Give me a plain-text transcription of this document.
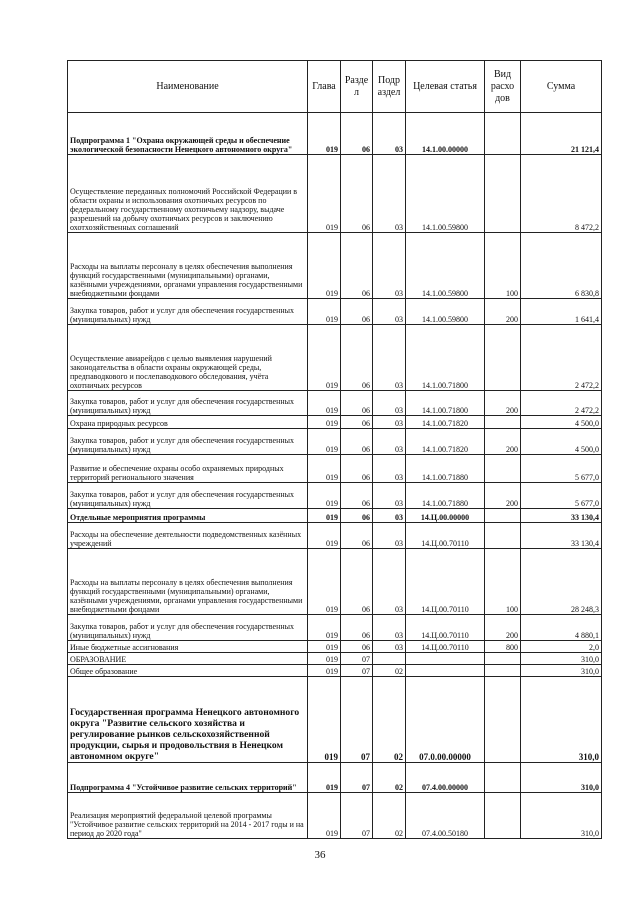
Наименование	Глава	Разде л	Подр аздел	Целевая статья	Вид расхо дов	Сумма
Подпрограмма 1 "Охрана окружающей среды и обеспечение экологической безопасности Ненецкого автономного округа"	019	06	03	14.1.00.00000		21 121,4
Осуществление переданных полномочий Российской Федерации в области охраны и использования охотничьих ресурсов по федеральному государственному охотничьему надзору, выдаче разрешений на добычу охотничьих ресурсов и заключению охотхозяйственных соглашений	019	06	03	14.1.00.59800		8 472,2
Расходы на выплаты персоналу в целях обеспечения выполнения функций государственными (муниципальными) органами, казёнными учреждениями, органами управления государственными внебюджетными фондами	019	06	03	14.1.00.59800	100	6 830,8
Закупка товаров, работ и услуг для обеспечения государственных (муниципальных) нужд	019	06	03	14.1.00.59800	200	1 641,4
Осуществление авиарейдов с целью выявления нарушений законодательства в области охраны окружающей среды, предпаводкового и послепаводкового обследования, учёта охотничьих ресурсов	019	06	03	14.1.00.71800		2 472,2
Закупка товаров, работ и услуг для обеспечения государственных (муниципальных) нужд	019	06	03	14.1.00.71800	200	2 472,2
Охрана природных ресурсов	019	06	03	14.1.00.71820		4 500,0
Закупка товаров, работ и услуг для обеспечения государственных (муниципальных) нужд	019	06	03	14.1.00.71820	200	4 500,0
Развитие и обеспечение охраны особо охраняемых природных территорий регионального значения	019	06	03	14.1.00.71880		5 677,0
Закупка товаров, работ и услуг для обеспечения государственных (муниципальных) нужд	019	06	03	14.1.00.71880	200	5 677,0
Отдельные мероприятия программы	019	06	03	14.Ц.00.00000		33 130,4
Расходы на обеспечение деятельности подведомственных казённых учреждений	019	06	03	14.Ц.00.70110		33 130,4
Расходы на выплаты персоналу в целях обеспечения выполнения функций государственными (муниципальными) органами, казёнными учреждениями, органами управления государственными внебюджетными фондами	019	06	03	14.Ц.00.70110	100	28 248,3
Закупка товаров, работ и услуг для обеспечения государственных (муниципальных) нужд	019	06	03	14.Ц.00.70110	200	4 880,1
Иные бюджетные ассигнования	019	06	03	14.Ц.00.70110	800	2,0
ОБРАЗОВАНИЕ	019	07				310,0
Общее образование	019	07	02			310,0
Государственная программа Ненецкого автономного округа "Развитие сельского хозяйства и регулирование рынков сельскохозяйственной продукции, сырья и продовольствия в Ненецком автономном округе"	019	07	02	07.0.00.00000		310,0
Подпрограмма 4 "Устойчивое развитие сельских территорий"	019	07	02	07.4.00.00000		310,0
Реализация мероприятий федеральной целевой программы "Устойчивое развитие сельских территорий на 2014 - 2017 годы и на период до 2020 года"	019	07	02	07.4.00.50180		310,0
36
